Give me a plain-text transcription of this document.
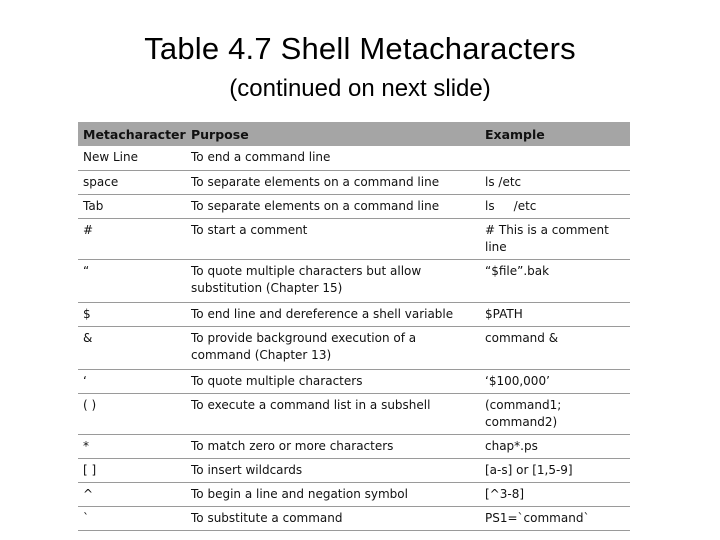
Table 4.7 Shell Metacharacters
(continued on next slide)
Metacharacter	Purpose	Example
New Line	To end a command line	
space	To separate elements on a command line	ls /etc
Tab	To separate elements on a command line	ls     /etc
#	To start a comment	# This is a comment line
“	To quote multiple characters but allow substitution (Chapter 15)	“$file”.bak
$	To end line and dereference a shell variable	$PATH
&	To provide background execution of a command (Chapter 13)	command &
‘	To quote multiple characters	‘$100,000’
( )	To execute a command list in a subshell	(command1; command2)
*	To match zero or more characters	chap*.ps
[ ]	To insert wildcards	[a-s] or [1,5-9]
^	To begin a line and negation symbol	[^3-8]
`	To substitute a command	PS1=`command`
